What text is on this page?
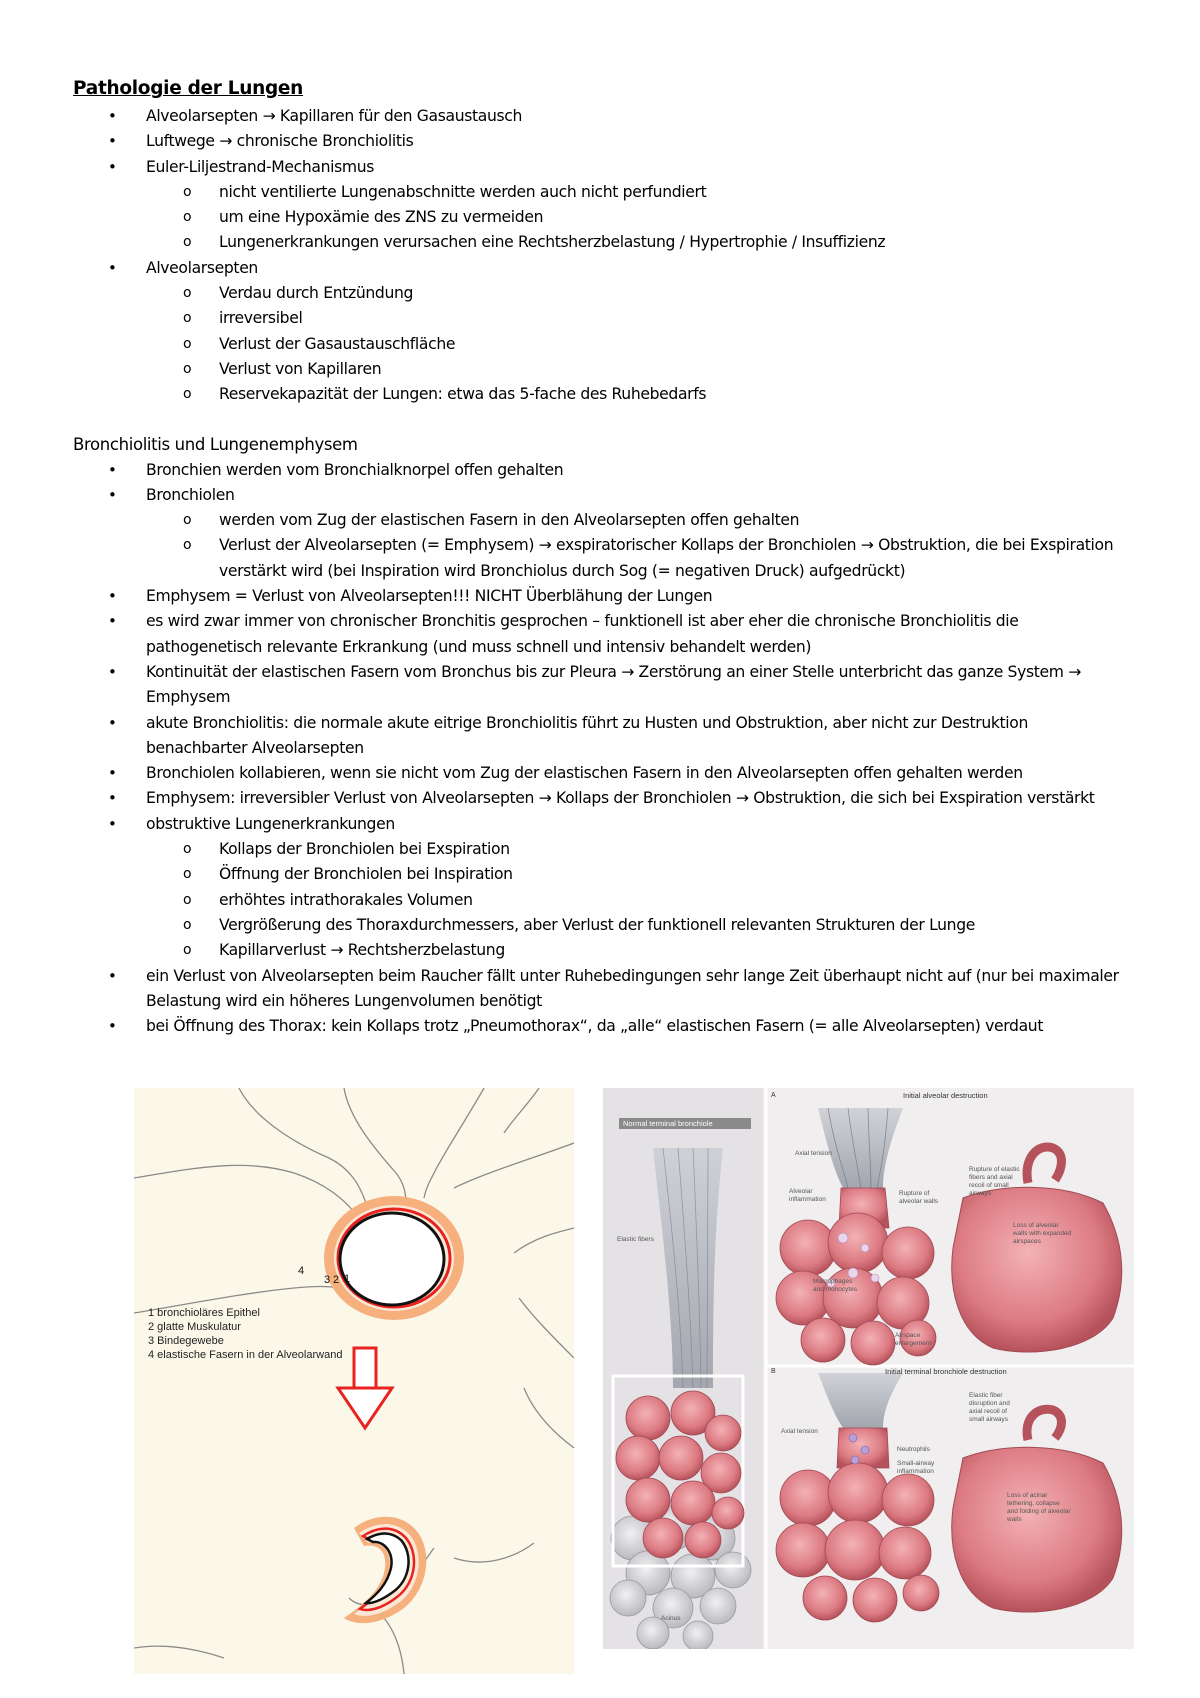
Pathologie der Lungen
• Alveolarsepten → Kapillaren für den Gasaustausch
• Luftwege → chronische Bronchiolitis
• Euler-Liljestrand-Mechanismus
o nicht ventilierte Lungenabschnitte werden auch nicht perfundiert
o um eine Hypoxämie des ZNS zu vermeiden
o Lungenerkrankungen verursachen eine Rechtsherzbelastung / Hypertrophie / Insuffizienz
• Alveolarsepten
o Verdau durch Entzündung
o irreversibel
o Verlust der Gasaustauschfläche
o Verlust von Kapillaren
o Reservekapazität der Lungen: etwa das 5-fache des Ruhebedarfs
Bronchiolitis und Lungenemphysem
• Bronchien werden vom Bronchialknorpel offen gehalten
• Bronchiolen
o werden vom Zug der elastischen Fasern in den Alveolarsepten offen gehalten
o Verlust der Alveolarsepten (= Emphysem) → exspiratorischer Kollaps der Bronchiolen → Obstruktion, die bei Exspiration verstärkt wird (bei Inspiration wird Bronchiolus durch Sog (= negativen Druck) aufgedrückt)
• Emphysem = Verlust von Alveolarsepten!!! NICHT Überblähung der Lungen
• es wird zwar immer von chronischer Bronchitis gesprochen – funktionell ist aber eher die chronische Bronchiolitis die pathogenetisch relevante Erkrankung (und muss schnell und intensiv behandelt werden)
• Kontinuität der elastischen Fasern vom Bronchus bis zur Pleura → Zerstörung an einer Stelle unterbricht das ganze System → Emphysem
• akute Bronchiolitis: die normale akute eitrige Bronchiolitis führt zu Husten und Obstruktion, aber nicht zur Destruktion benachbarter Alveolarsepten
• Bronchiolen kollabieren, wenn sie nicht vom Zug der elastischen Fasern in den Alveolarsepten offen gehalten werden
• Emphysem: irreversibler Verlust von Alveolarsepten → Kollaps der Bronchiolen → Obstruktion, die sich bei Exspiration verstärkt
• obstruktive Lungenerkrankungen
o Kollaps der Bronchiolen bei Exspiration
o Öffnung der Bronchiolen bei Inspiration
o erhöhtes intrathorakales Volumen
o Vergrößerung des Thoraxdurchmessers, aber Verlust der funktionell relevanten Strukturen der Lunge
o Kapillarverlust → Rechtsherzbelastung
• ein Verlust von Alveolarsepten beim Raucher fällt unter Ruhebedingungen sehr lange Zeit überhaupt nicht auf (nur bei maximaler Belastung wird ein höheres Lungenvolumen benötigt
• bei Öffnung des Thorax: kein Kollaps trotz „Pneumothorax“, da „alle“ elastischen Fasern (= alle Alveolarsepten) verdaut
4
3 2 1
1 bronchioläres Epithel
2 glatte Muskulatur
3 Bindegewebe
4 elastische Fasern in der Alveolarwand
Normal terminal bronchiole
Elastic fibers
Acinus
A	Initial alveolar destruction
Axial tension
Alveolar inflammation
Rupture of alveolar walls
Macrophages and monocytes
Airspace enlargement
Rupture of elastic fibers and axial recoil of small airways
Loss of alveolar walls with expanded airspaces
B	Initial terminal bronchiole destruction
Axial tension
Neutrophils
Small-airway inflammation
Elastic fiber disruption and axial recoil of small airways
Loss of acinar tethering, collapse and folding of alveolar walls
